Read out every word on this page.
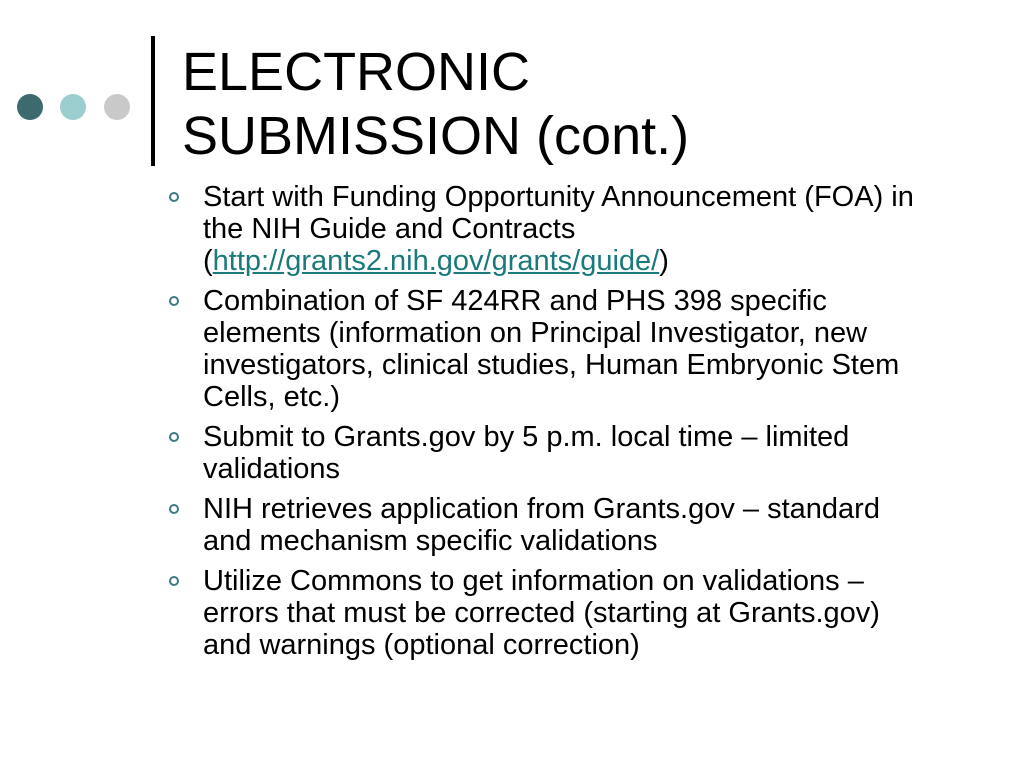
ELECTRONIC
SUBMISSION (cont.)
Start with Funding Opportunity Announcement (FOA) in the NIH Guide and Contracts (http://grants2.nih.gov/grants/guide/)
Combination of SF 424RR and PHS 398 specific elements (information on Principal Investigator, new investigators, clinical studies, Human Embryonic Stem Cells, etc.)
Submit to Grants.gov by 5 p.m. local time – limited validations
NIH retrieves application from Grants.gov – standard and mechanism specific validations
Utilize Commons to get information on validations – errors that must be corrected (starting at Grants.gov) and warnings (optional correction)
